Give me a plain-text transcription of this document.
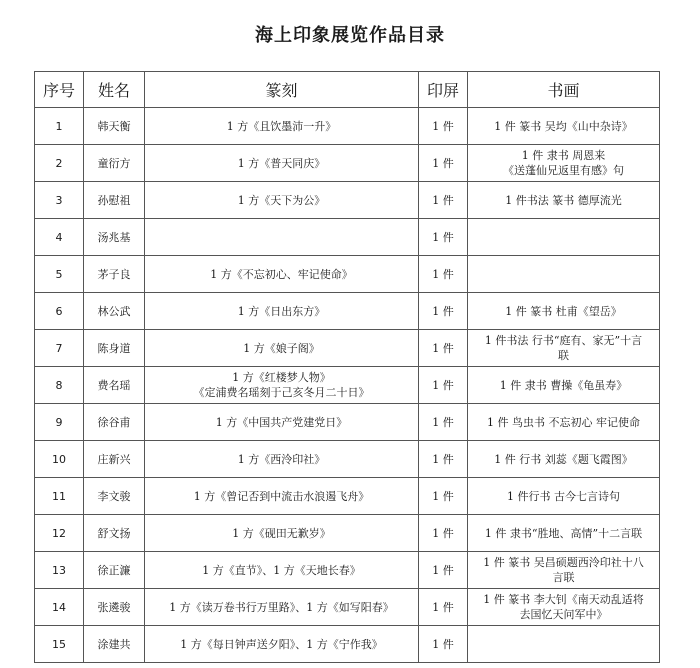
海上印象展览作品目录
序号	姓名	篆刻	印屏	书画
1	韩天衡	1 方《且饮墨沛一升》	1 件	1 件 篆书 吴均《山中杂诗》

2	童衍方	1 方《普天同庆》	1 件	1 件 隶书 周恩来
《送蓬仙兄返里有感》句

3	孙慰祖	1 方《天下为公》	1 件	1 件书法 篆书 德厚流光

4	汤兆基		1 件	
5	茅子良	1 方《不忘初心、牢记使命》	1 件	
6	林公武	1 方《日出东方》	1 件	1 件 篆书 杜甫《望岳》

7	陈身道	1 方《娘子阁》	1 件	1 件书法 行书“庭有、家无”十言
联

8	费名瑶	1 方《红楼梦人物》
《定浦费名瑶刻于己亥冬月二十日》	1 件	1 件 隶书 曹操《龟虽寿》

9	徐谷甫	1 方《中国共产党建党日》	1 件	1 件 鸟虫书 不忘初心 牢记使命

10	庄新兴	1 方《西泠印社》	1 件	1 件 行书 刘蕊《题飞霞图》

11	李文骏	1 方《曾记否到中流击水浪遏飞舟》	1 件	1 件行书 古今七言诗句

12	舒文扬	1 方《砚田无歉岁》	1 件	1 件 隶书“胜地、高情”十二言联

13	徐正濂	1 方《直节》、1 方《天地长春》	1 件	1 件 篆书 吴昌硕题西泠印社十八
言联

14	张遴骏	1 方《读万卷书行万里路》、1 方《如写阳春》	1 件	1 件 篆书 李大钊《南天动乱适将
去国忆天问军中》

15	涂建共	1 方《每日钟声送夕阳》、1 方《宁作我》	1 件	
